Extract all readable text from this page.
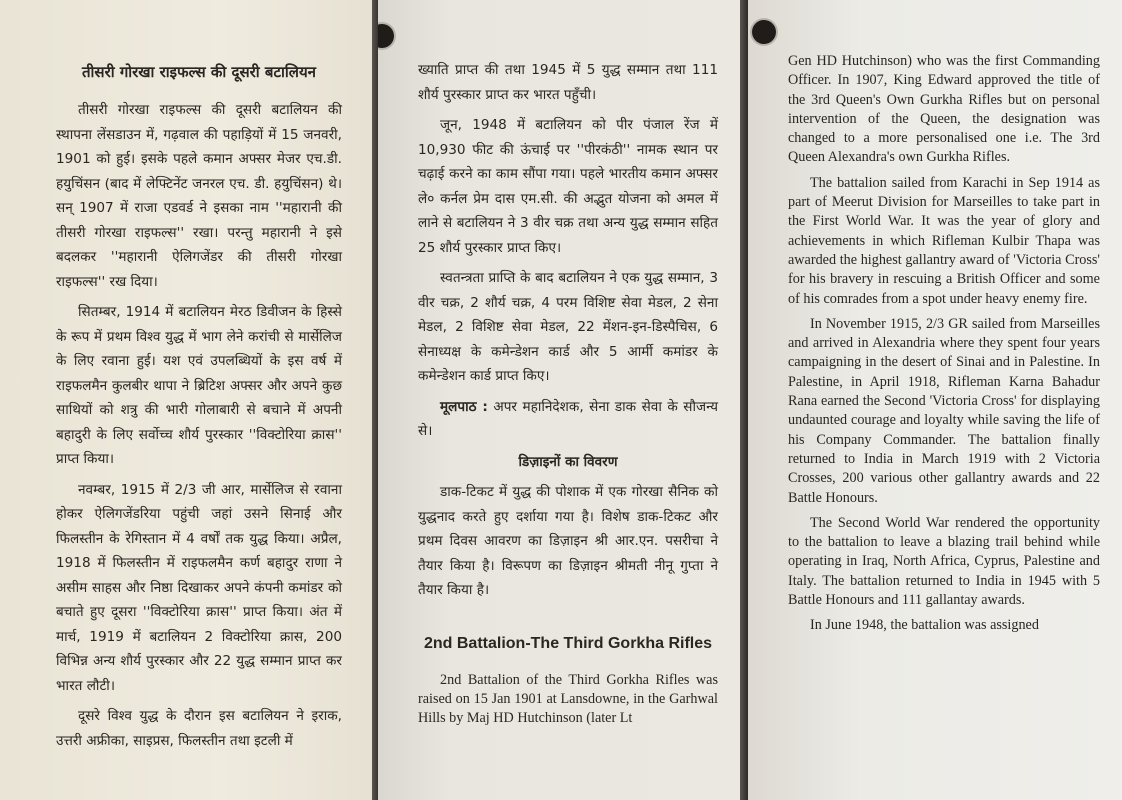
तीसरी गोरखा राइफल्स की दूसरी बटालियन

तीसरी गोरखा राइफल्स की दूसरी बटालियन की स्थापना लेंसडाउन में, गढ़वाल की पहाड़ियों में 15 जनवरी, 1901 को हुई। इसके पहले कमान अफ्सर मेजर एच.डी. हयुचिंसन (बाद में लेफ्टिनेंट जनरल एच. डी. हयुचिंसन) थे। सन् 1907 में राजा एडवर्ड ने इसका नाम ''महारानी की तीसरी गोरखा राइफल्स'' रखा। परन्तु महारानी ने इसे बदलकर ''महारानी ऐलिगजेंडर की तीसरी गोरखा राइफल्स'' रख दिया।

सितम्बर, 1914 में बटालियन मेरठ डिवीजन के हिस्से के रूप में प्रथम विश्व युद्ध में भाग लेने करांची से मार्सेलिज के लिए रवाना हुई। यश एवं उपलब्धियों के इस वर्ष में राइफलमैन कुलबीर थापा ने ब्रिटिश अफ्सर और अपने कुछ साथियों को शत्रु की भारी गोलाबारी से बचाने में अपनी बहादुरी के लिए सर्वोच्च शौर्य पुरस्कार ''विक्टोरिया क्रास'' प्राप्त किया।

नवम्बर, 1915 में 2/3 जी आर, मार्सेलिज से रवाना होकर ऐलिगजेंडरिया पहुंची जहां उसने सिनाई और फिलस्तीन के रेगिस्तान में 4 वर्षों तक युद्ध किया। अप्रैल, 1918 में फिलस्तीन में राइफलमैन कर्ण बहादुर राणा ने असीम साहस और निष्ठा दिखाकर अपने कंपनी कमांडर को बचाते हुए दूसरा ''विक्टोरिया क्रास'' प्राप्त किया। अंत में मार्च, 1919 में बटालियन 2 विक्टोरिया क्रास, 200 विभिन्न अन्य शौर्य पुरस्कार और 22 युद्ध सम्मान प्राप्त कर भारत लौटी।

दूसरे विश्व युद्ध के दौरान इस बटालियन ने इराक, उत्तरी अफ्रीका, साइप्रस, फिलस्तीन तथा इटली में

ख्याति प्राप्त की तथा 1945 में 5 युद्ध सम्मान तथा 111 शौर्य पुरस्कार प्राप्त कर भारत पहुँची।

जून, 1948 में बटालियन को पीर पंजाल रेंज में 10,930 फीट की ऊंचाई पर ''पीरकंठी'' नामक स्थान पर चढ़ाई करने का काम सौंपा गया। पहले भारतीय कमान अफ्सर ले० कर्नल प्रेम दास एम.सी. की अद्भुत योजना को अमल में लाने से बटालियन ने 3 वीर चक्र तथा अन्य युद्ध सम्मान सहित 25 शौर्य पुरस्कार प्राप्त किए।

स्वतन्त्रता प्राप्ति के बाद बटालियन ने एक युद्ध सम्मान, 3 वीर चक्र, 2 शौर्य चक्र, 4 परम विशिष्ट सेवा मेडल, 2 सेना मेडल, 2 विशिष्ट सेवा मेडल, 22 मेंशन-इन-डिस्पैचिस, 6 सेनाध्यक्ष के कमेन्डेशन कार्ड और 5 आर्मी कमांडर के कमेन्डेशन कार्ड प्राप्त किए।

मूलपाठ : अपर महानिदेशक, सेना डाक सेवा के सौजन्य से।

डिज़ाइनों का विवरण

डाक-टिकट में युद्ध की पोशाक में एक गोरखा सैनिक को युद्धनाद करते हुए दर्शाया गया है। विशेष डाक-टिकट और प्रथम दिवस आवरण का डिज़ाइन श्री आर.एन. पसरीचा ने तैयार किया है। विरूपण का डिज़ाइन श्रीमती नीनू गुप्ता ने तैयार किया है।

2nd Battalion-The Third Gorkha Rifles

2nd Battalion of the Third Gorkha Rifles was raised on 15 Jan 1901 at Lansdowne, in the Garhwal Hills by Maj HD Hutchinson (later Lt

Gen HD Hutchinson) who was the first Commanding Officer. In 1907, King Edward approved the title of the 3rd Queen's Own Gurkha Rifles but on personal intervention of the Queen, the designation was changed to a more personalised one i.e. The 3rd Queen Alexandra's own Gurkha Rifles.

The battalion sailed from Karachi in Sep 1914 as part of Meerut Division for Marseilles to take part in the First World War. It was the year of glory and achievements in which Rifleman Kulbir Thapa was awarded the highest gallantry award of 'Victoria Cross' for his bravery in rescuing a British Officer and some of his comrades from a spot under heavy enemy fire.

In November 1915, 2/3 GR sailed from Marseilles and arrived in Alexandria where they spent four years campaigning in the desert of Sinai and in Palestine. In Palestine, in April 1918, Rifleman Karna Bahadur Rana earned the Second 'Victoria Cross' for displaying undaunted courage and loyalty while saving the life of his Company Commander. The battalion finally returned to India in March 1919 with 2 Victoria Crosses, 200 various other gallantry awards and 22 Battle Honours.

The Second World War rendered the opportunity to the battalion to leave a blazing trail behind while operating in Iraq, North Africa, Cyprus, Palestine and Italy. The battalion returned to India in 1945 with 5 Battle Honours and 111 gallantay awards.

In June 1948, the battalion was assigned
